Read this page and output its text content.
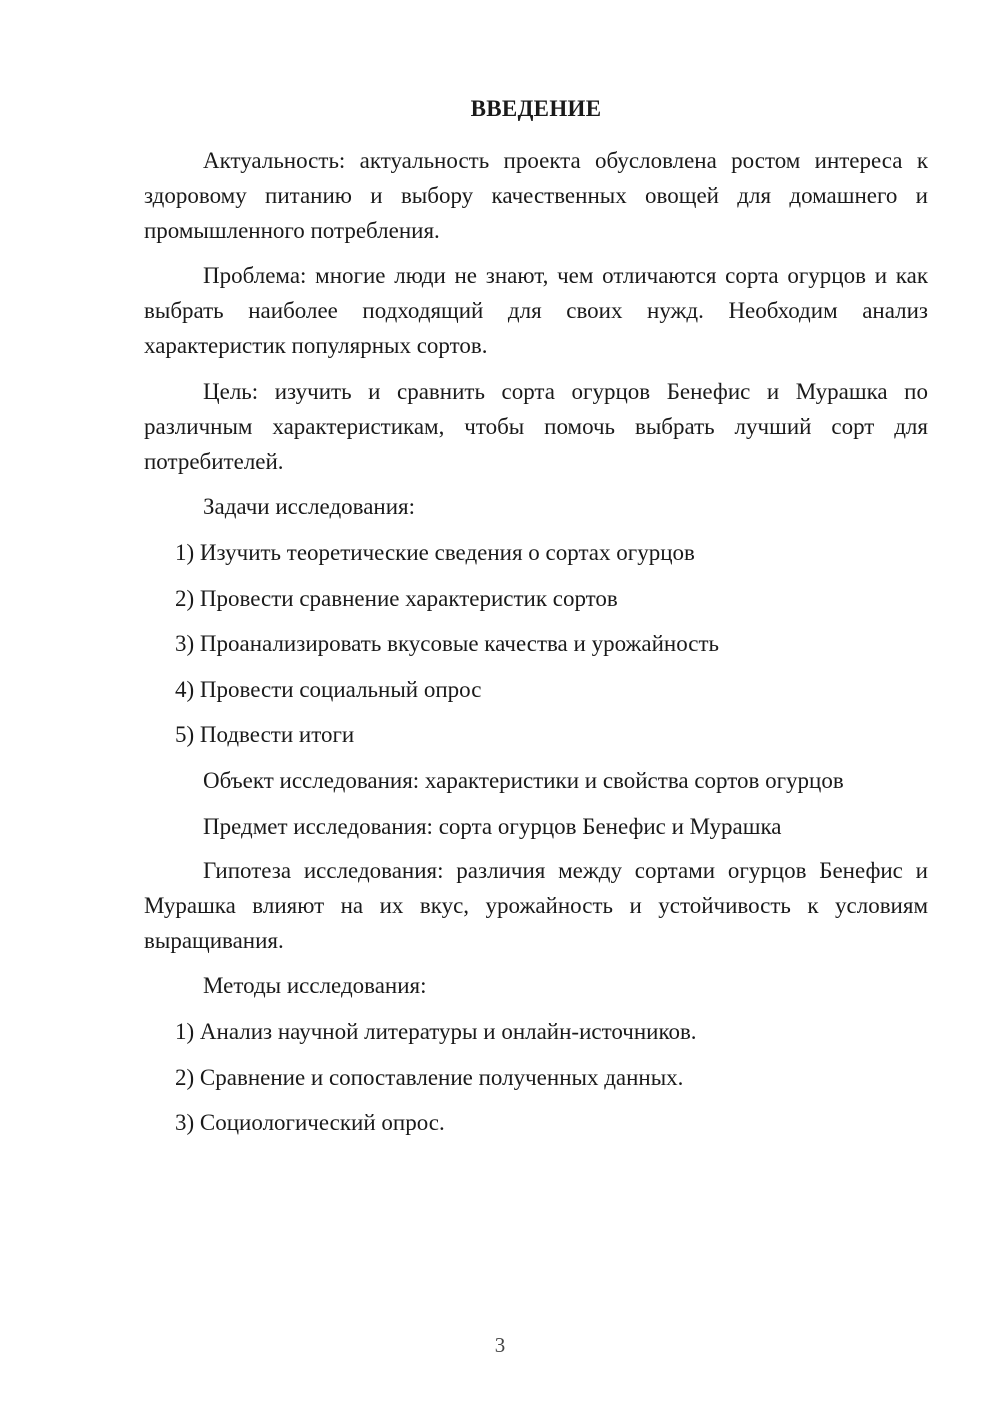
ВВЕДЕНИЕ

Актуальность: актуальность проекта обусловлена ростом интереса к здоровому питанию и выбору качественных овощей для домашнего и промышленного потребления.

Проблема: многие люди не знают, чем отличаются сорта огурцов и как выбрать наиболее подходящий для своих нужд. Необходим анализ характеристик популярных сортов.

Цель: изучить и сравнить сорта огурцов Бенефис и Мурашка по различным характеристикам, чтобы помочь выбрать лучший сорт для потребителей.

Задачи исследования:

1) Изучить теоретические сведения о сортах огурцов

2) Провести сравнение характеристик сортов

3) Проанализировать вкусовые качества и урожайность

4) Провести социальный опрос

5) Подвести итоги

Объект исследования: характеристики и свойства сортов огурцов

Предмет исследования: сорта огурцов Бенефис и Мурашка

Гипотеза исследования: различия между сортами огурцов Бенефис и Мурашка влияют на их вкус, урожайность и устойчивость к условиям выращивания.

Методы исследования:

1) Анализ научной литературы и онлайн-источников.

2) Сравнение и сопоставление полученных данных.

3) Социологический опрос.

3
